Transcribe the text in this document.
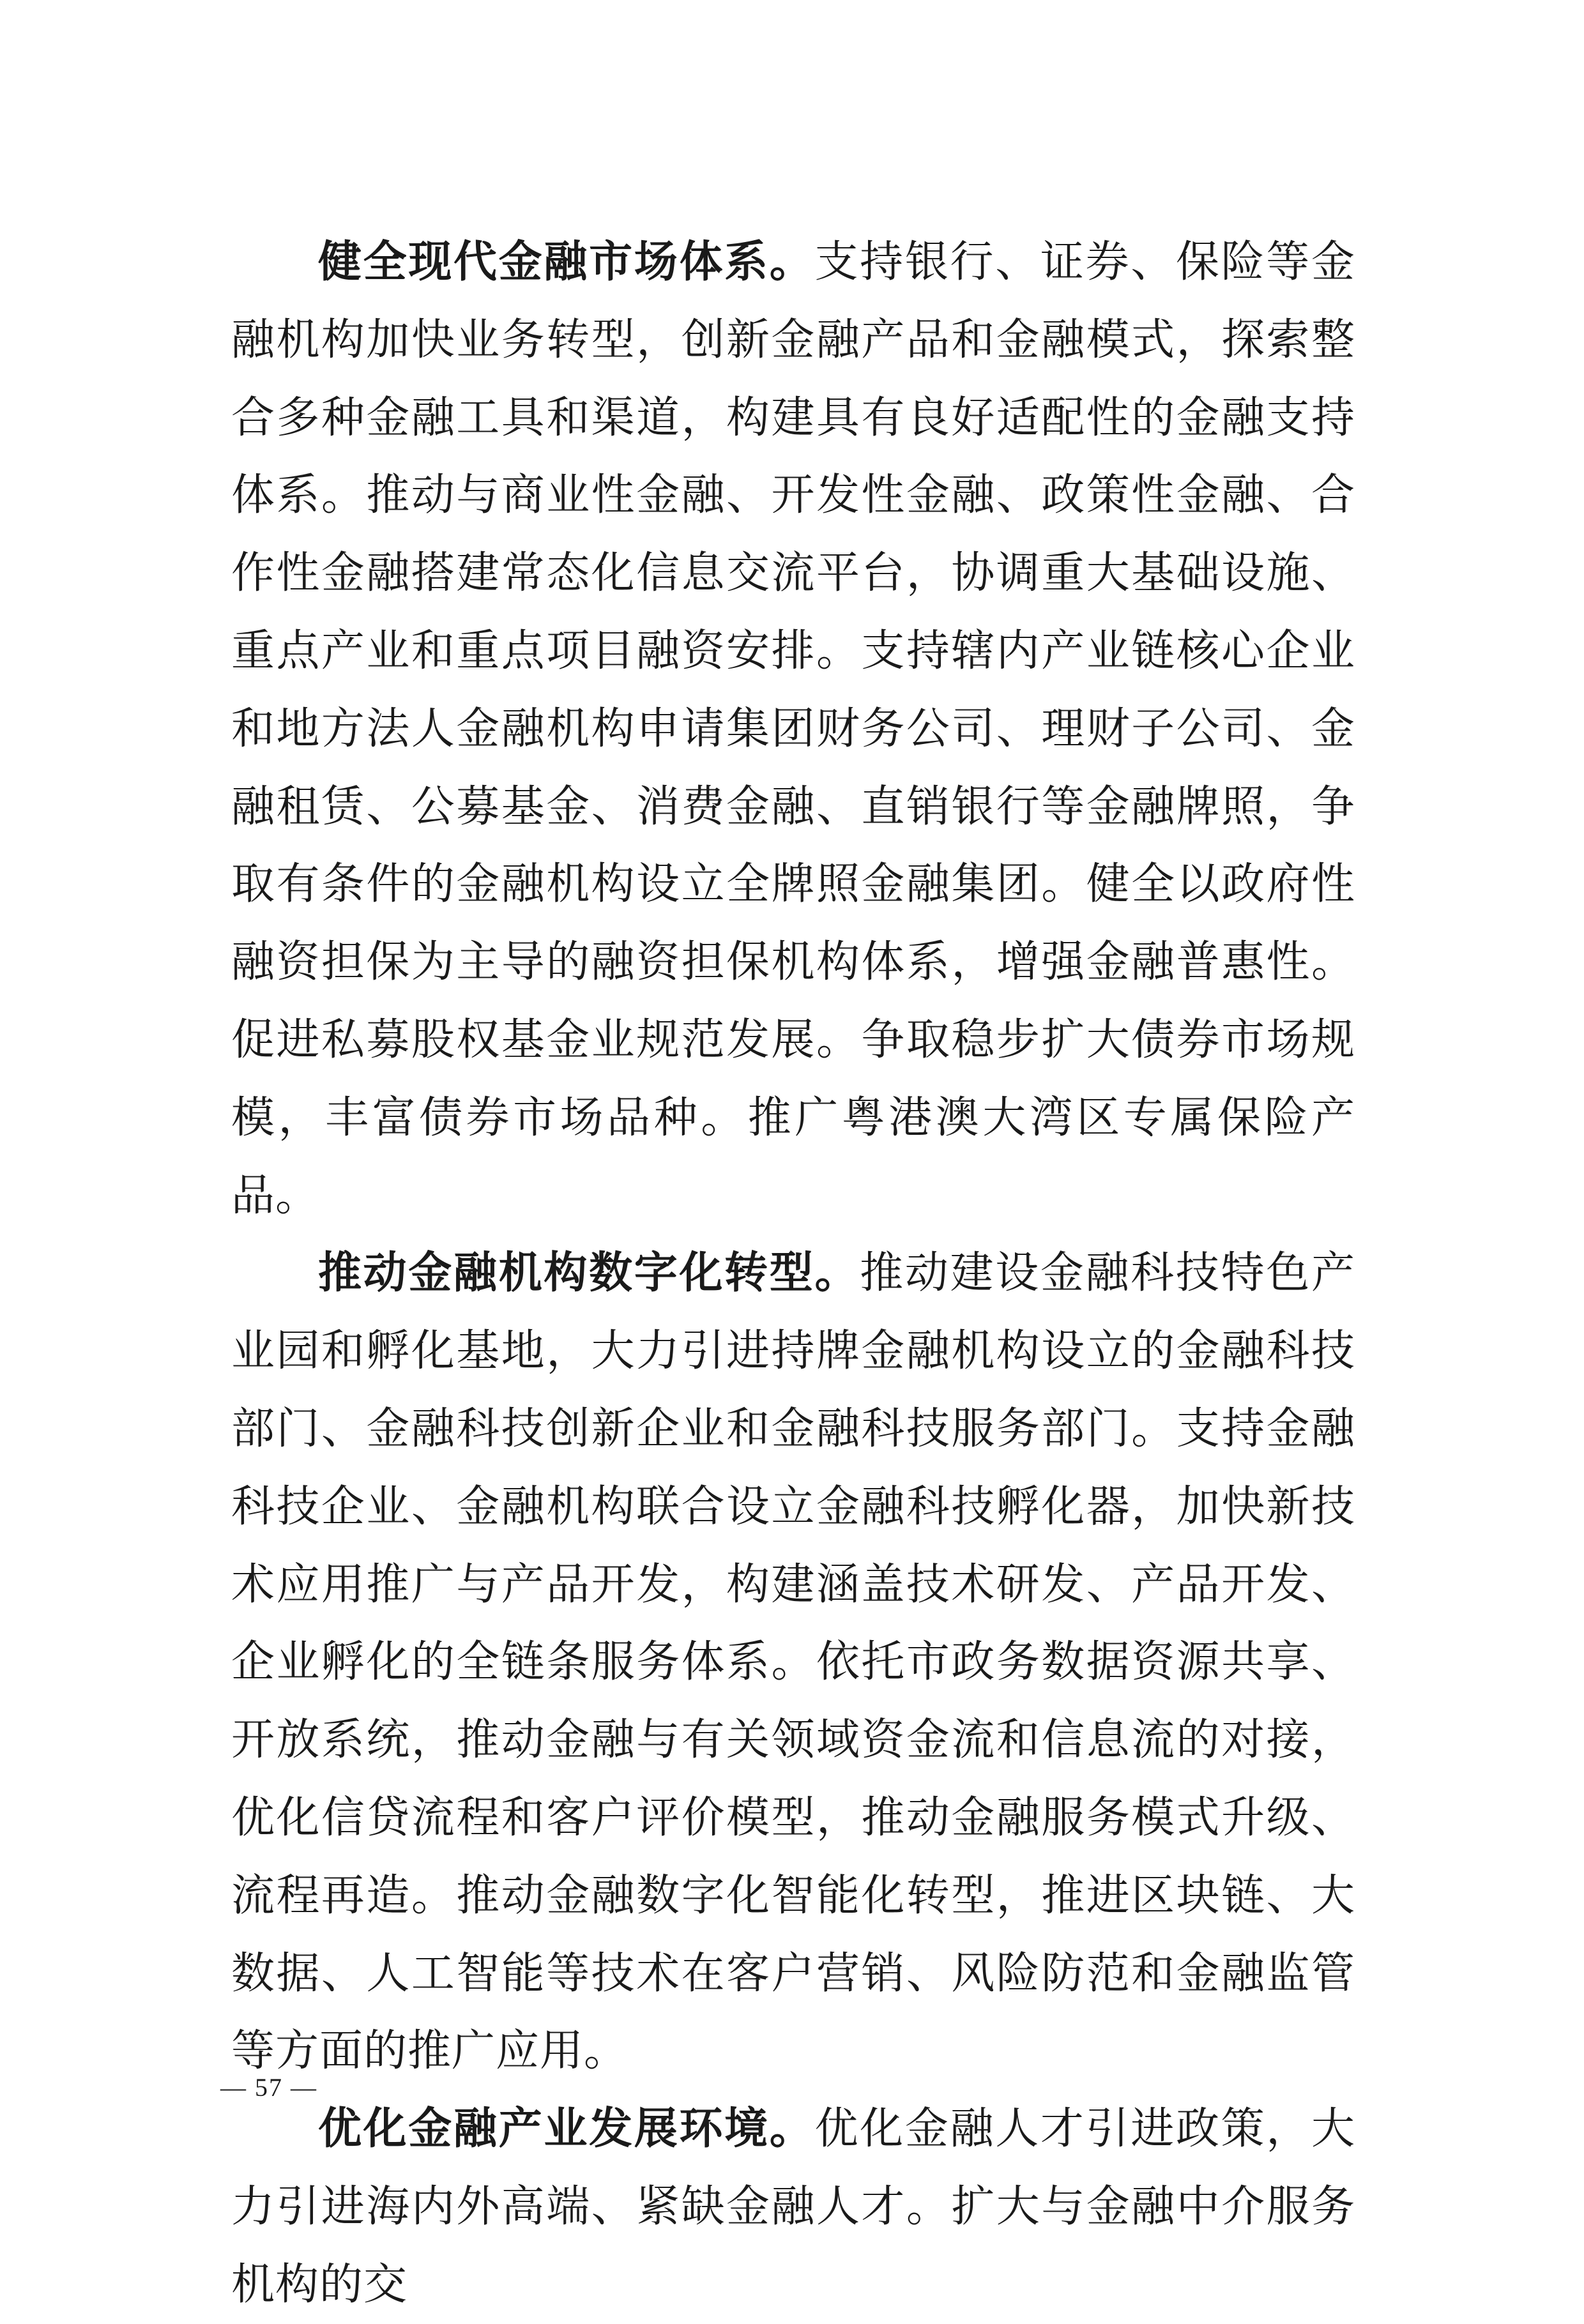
健全现代金融市场体系。支持银行、证券、保险等金融机构加快业务转型，创新金融产品和金融模式，探索整合多种金融工具和渠道，构建具有良好适配性的金融支持体系。推动与商业性金融、开发性金融、政策性金融、合作性金融搭建常态化信息交流平台，协调重大基础设施、重点产业和重点项目融资安排。支持辖内产业链核心企业和地方法人金融机构申请集团财务公司、理财子公司、金融租赁、公募基金、消费金融、直销银行等金融牌照，争取有条件的金融机构设立全牌照金融集团。健全以政府性融资担保为主导的融资担保机构体系，增强金融普惠性。促进私募股权基金业规范发展。争取稳步扩大债券市场规模，丰富债券市场品种。推广粤港澳大湾区专属保险产品。

推动金融机构数字化转型。推动建设金融科技特色产业园和孵化基地，大力引进持牌金融机构设立的金融科技部门、金融科技创新企业和金融科技服务部门。支持金融科技企业、金融机构联合设立金融科技孵化器，加快新技术应用推广与产品开发，构建涵盖技术研发、产品开发、企业孵化的全链条服务体系。依托市政务数据资源共享、开放系统，推动金融与有关领域资金流和信息流的对接，优化信贷流程和客户评价模型，推动金融服务模式升级、流程再造。推动金融数字化智能化转型，推进区块链、大数据、人工智能等技术在客户营销、风险防范和金融监管等方面的推广应用。

优化金融产业发展环境。优化金融人才引进政策，大力引进海内外高端、紧缺金融人才。扩大与金融中介服务机构的交

— 57 —
